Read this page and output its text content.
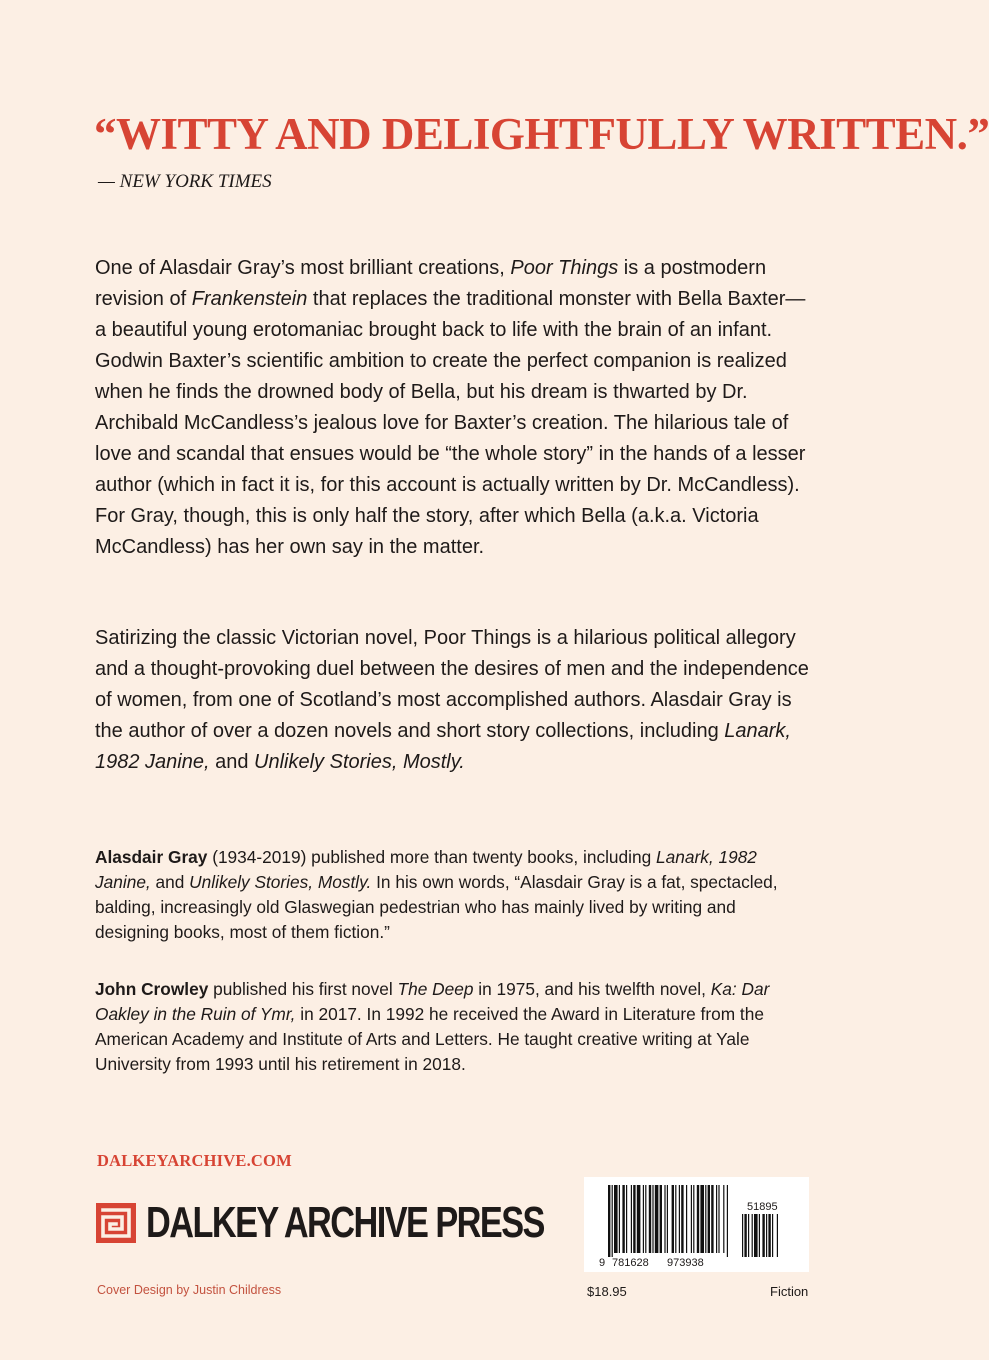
“WITTY AND DELIGHTFULLY WRITTEN.”
— NEW YORK TIMES

One of Alasdair Gray’s most brilliant creations, Poor Things is a postmodern revision of Frankenstein that replaces the traditional monster with Bella Baxter—a beautiful young erotomaniac brought back to life with the brain of an infant. Godwin Baxter’s scientific ambition to create the perfect companion is realized when he finds the drowned body of Bella, but his dream is thwarted by Dr. Archibald McCandless’s jealous love for Baxter’s creation. The hilarious tale of love and scandal that ensues would be “the whole story” in the hands of a lesser author (which in fact it is, for this account is actually written by Dr. McCandless). For Gray, though, this is only half the story, after which Bella (a.k.a. Victoria McCandless) has her own say in the matter.

Satirizing the classic Victorian novel, Poor Things is a hilarious political allegory and a thought-provoking duel between the desires of men and the independence of women, from one of Scotland’s most accomplished authors. Alasdair Gray is the author of over a dozen novels and short story collections, including Lanark, 1982 Janine, and Unlikely Stories, Mostly.

Alasdair Gray (1934-2019) published more than twenty books, including Lanark, 1982 Janine, and Unlikely Stories, Mostly. In his own words, “Alasdair Gray is a fat, spectacled, balding, increasingly old Glaswegian pedestrian who has mainly lived by writing and designing books, most of them fiction.”

John Crowley published his first novel The Deep in 1975, and his twelfth novel, Ka: Dar Oakley in the Ruin of Ymr, in 2017. In 1992 he received the Award in Literature from the American Academy and Institute of Arts and Letters. He taught creative writing at Yale University from 1993 until his retirement in 2018.

DALKEYARCHIVE.COM
DALKEY ARCHIVE PRESS
Cover Design by Justin Childress
9 781628 973938
51895
$18.95	Fiction
